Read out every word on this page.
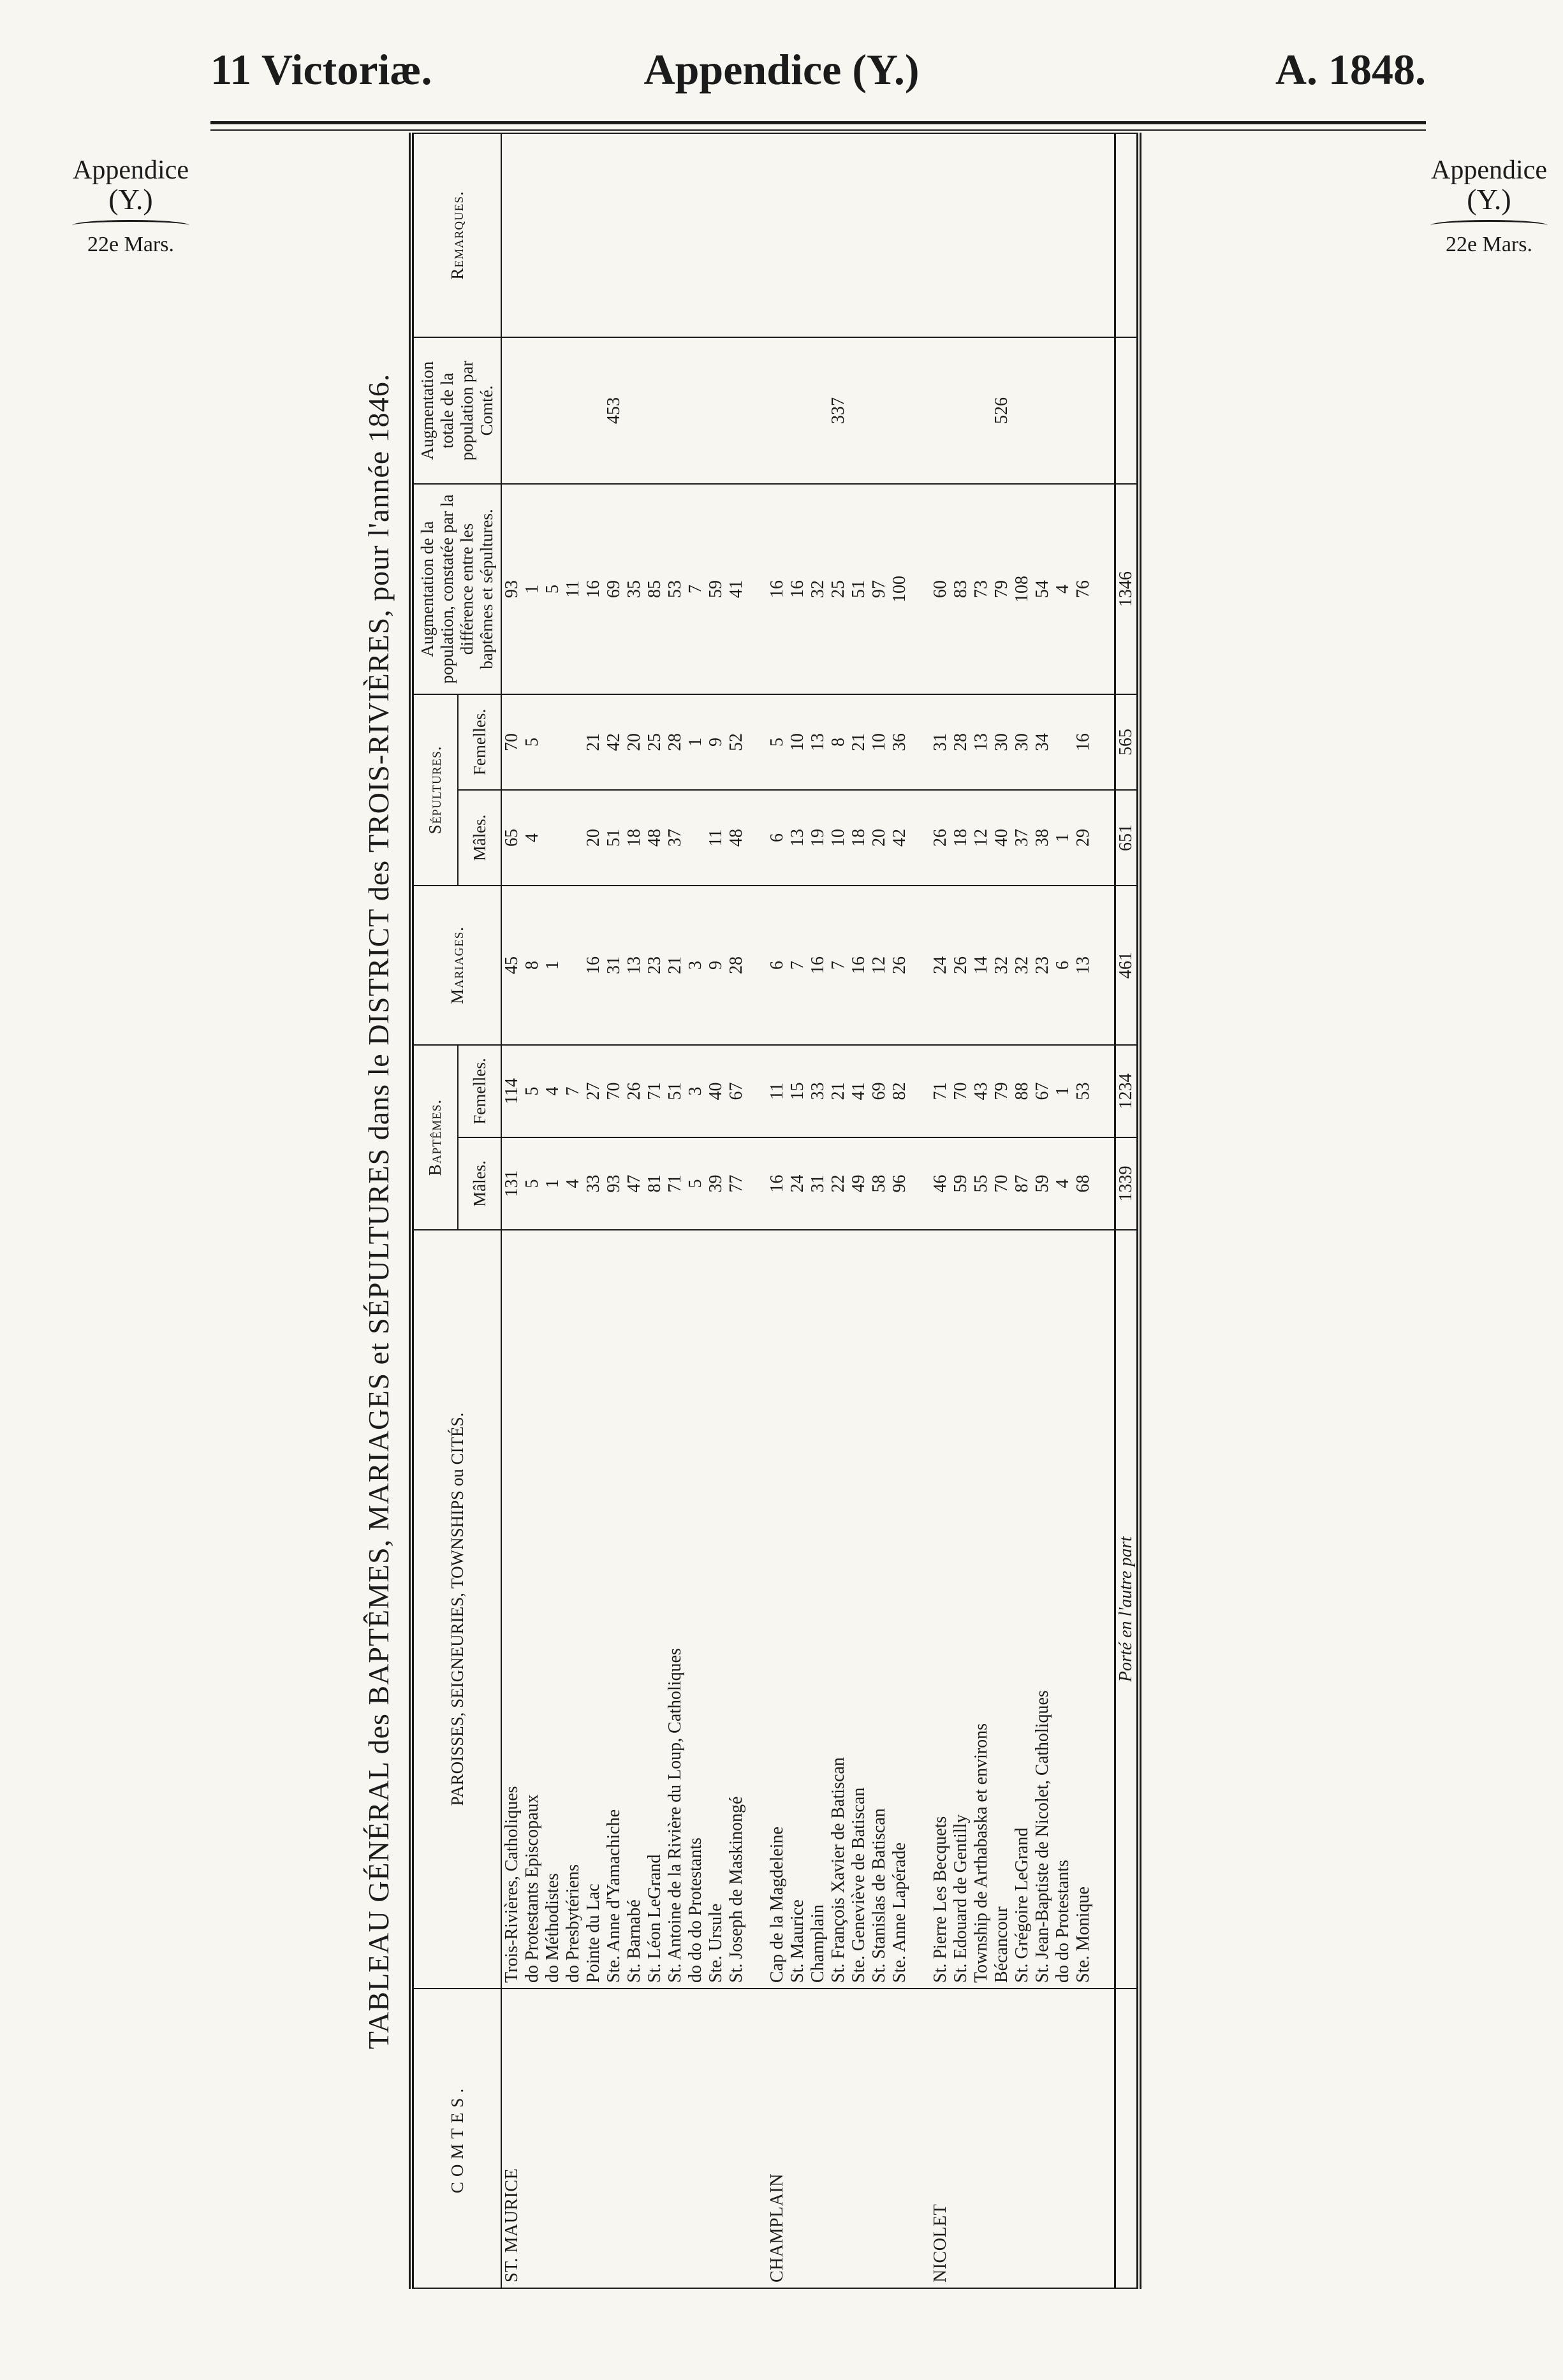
11 Victoriæ.	Appendice (Y.)	A. 1848.
Appendice
(Y.)
22e Mars.
Appendice
(Y.)
22e Mars.
TABLEAU GÉNÉRAL des BAPTÊMES, MARIAGES et SÉPULTURES dans le DISTRICT des TROIS-RIVIÈRES, pour l'année 1846.
COMTES.	PAROISSES, SEIGNEURIES, TOWNSHIPS ou CITÉS.	Baptêmes.		Mariages.	Sépultures.		Augmentation de la population, constatée par la différence entre les baptêmes et sépultures.	Augmentation totale de la population par Comté.	Remarques.
		Mâles.	Femelles.		Mâles.	Femelles.			
ST. MAURICE	Trois-Rivières, Catholiques	131	114	45	65	70	93		
	do Protestants Episcopaux	5	5	8	4	5	1		
	do Méthodistes	1	4	1			5		
	do Presbytériens	4	7				11		
	Pointe du Lac	33	27	16	20	21	16		
	Ste. Anne d'Yamachiche	93	70	31	51	42	69	453	
	St. Barnabé	47	26	13	18	20	35		
	St. Léon LeGrand	81	71	23	48	25	85		
	St. Antoine de la Rivière du Loup, Catholiques	71	51	21	37	28	53		
	do do do Protestants	5	3	3		1	7		
	Ste. Ursule	39	40	9	11	9	59		
	St. Joseph de Maskinongé	77	67	28	48	52	41		

CHAMPLAIN	Cap de la Magdeleine	16	11	6	6	5	16		
	St. Maurice	24	15	7	13	10	16		
	Champlain	31	33	16	19	13	32		
	St. François Xavier de Batiscan	22	21	7	10	8	25	337	
	Ste. Geneviève de Batiscan	49	41	16	18	21	51		
	St. Stanislas de Batiscan	58	69	12	20	10	97		
	Ste. Anne Lapérade	96	82	26	42	36	100		

NICOLET	St. Pierre Les Becquets	46	71	24	26	31	60		
	St. Edouard de Gentilly	59	70	26	18	28	83		
	Township de Arthabaska et environs	55	43	14	12	13	73		
	Bécancour	70	79	32	40	30	79	526	
	St. Grégoire LeGrand	87	88	32	37	30	108		
	St. Jean-Baptiste de Nicolet, Catholiques	59	67	23	38	34	54		
	do do Protestants	4	1	6	1		4		
	Ste. Monique	68	53	13	29	16	76		

	Porté en l'autre part	1339	1234	461	651	565	1346		
